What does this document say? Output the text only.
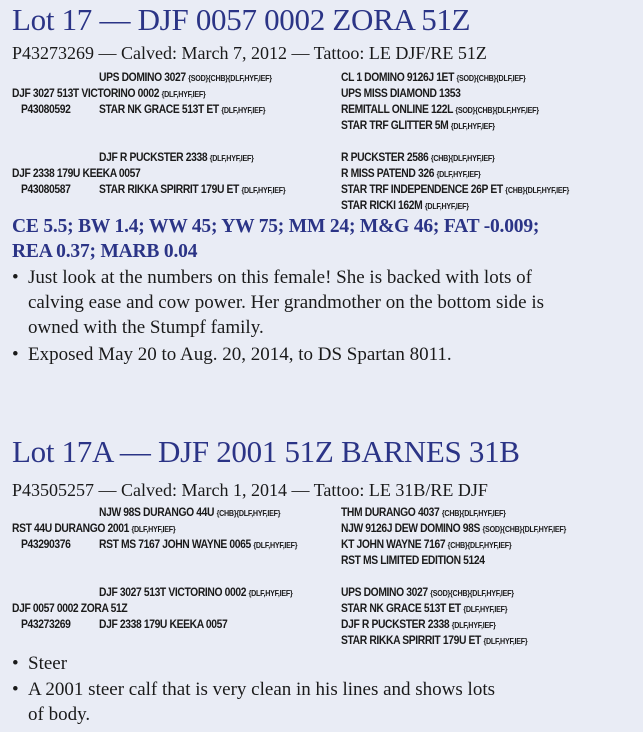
Lot 17 — DJF 0057 0002 ZORA 51Z
P43273269 — Calved: March 7, 2012 — Tattoo: LE DJF/RE 51Z
UPS DOMINO 3027 {SOD}{CHB}{DLF,HYF,IEF}
DJF 3027 513T VICTORINO 0002 {DLF,HYF,IEF}
P43080592 STAR NK GRACE 513T ET {DLF,HYF,IEF}
CL 1 DOMINO 9126J 1ET {SOD}{CHB}{DLF,IEF}
UPS MISS DIAMOND 1353
REMITALL ONLINE 122L {SOD}{CHB}{DLF,HYF,IEF}
STAR TRF GLITTER 5M {DLF,HYF,IEF}
DJF R PUCKSTER 2338 {DLF,HYF,IEF}
DJF 2338 179U KEEKA 0057
P43080587 STAR RIKKA SPIRRIT 179U ET {DLF,HYF,IEF}
R PUCKSTER 2586 {CHB}{DLF,HYF,IEF}
R MISS PATEND 326 {DLF,HYF,IEF}
STAR TRF INDEPENDENCE 26P ET {CHB}{DLF,HYF,IEF}
STAR RICKI 162M {DLF,HYF,IEF}
CE 5.5; BW 1.4; WW 45; YW 75; MM 24; M&G 46; FAT -0.009;
REA 0.37; MARB 0.04
• Just look at the numbers on this female! She is backed with lots of
calving ease and cow power. Her grandmother on the bottom side is
owned with the Stumpf family.
• Exposed May 20 to Aug. 20, 2014, to DS Spartan 8011.
Lot 17A — DJF 2001 51Z BARNES 31B
P43505257 — Calved: March 1, 2014 — Tattoo: LE 31B/RE DJF
NJW 98S DURANGO 44U {CHB}{DLF,HYF,IEF}
RST 44U DURANGO 2001 {DLF,HYF,IEF}
P43290376 RST MS 7167 JOHN WAYNE 0065 {DLF,HYF,IEF}
THM DURANGO 4037 {CHB}{DLF,HYF,IEF}
NJW 9126J DEW DOMINO 98S {SOD}{CHB}{DLF,HYF,IEF}
KT JOHN WAYNE 7167 {CHB}{DLF,HYF,IEF}
RST MS LIMITED EDITION 5124
DJF 3027 513T VICTORINO 0002 {DLF,HYF,IEF}
DJF 0057 0002 ZORA 51Z
P43273269 DJF 2338 179U KEEKA 0057
UPS DOMINO 3027 {SOD}{CHB}{DLF,HYF,IEF}
STAR NK GRACE 513T ET {DLF,HYF,IEF}
DJF R PUCKSTER 2338 {DLF,HYF,IEF}
STAR RIKKA SPIRRIT 179U ET {DLF,HYF,IEF}
• Steer
• A 2001 steer calf that is very clean in his lines and shows lots
of body.
